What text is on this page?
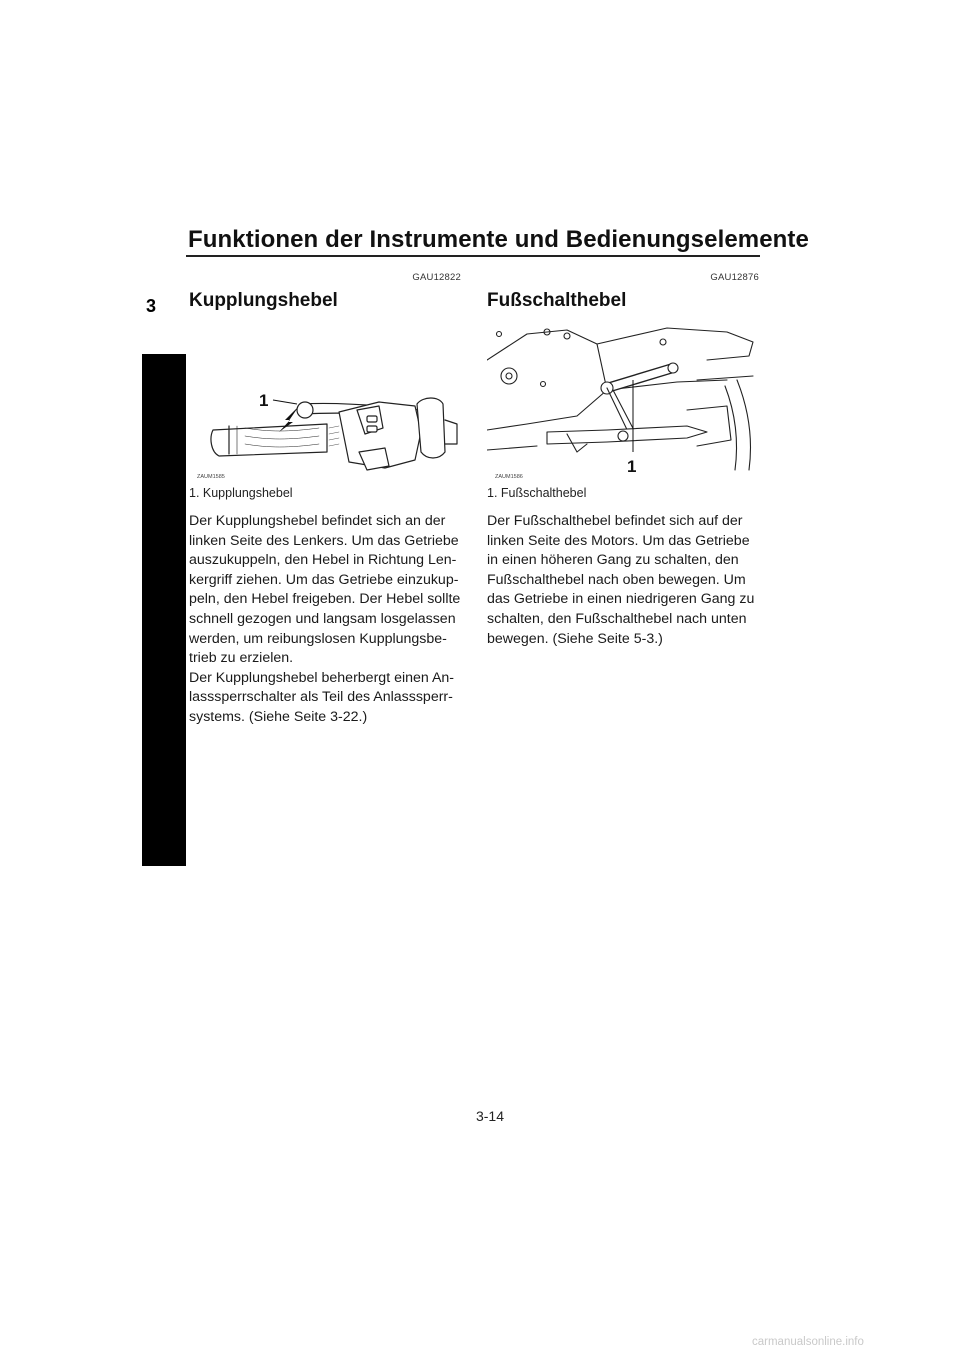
Funktionen der Instrumente und Bedienungselemente
3
GAU12822
Kupplungshebel
1
ZAUM1585
1. Kupplungshebel

Der Kupplungshebel befindet sich an der linken Seite des Lenkers. Um das Getriebe auszukuppeln, den Hebel in Richtung Len-kergriff ziehen. Um das Getriebe einzukup-peln, den Hebel freigeben. Der Hebel sollte schnell gezogen und langsam losgelassen werden, um reibungslosen Kupplungsbe-trieb zu erzielen.

Der Kupplungshebel beherbergt einen An-lasssperrschalter als Teil des Anlasssperr-systems. (Siehe Seite 3-22.)

GAU12876
Fußschalthebel
1
ZAUM1586
1. Fußschalthebel

Der Fußschalthebel befindet sich auf der linken Seite des Motors. Um das Getriebe in einen höheren Gang zu schalten, den Fußschalthebel nach oben bewegen. Um das Getriebe in einen niedrigeren Gang zu schalten, den Fußschalthebel nach unten bewegen. (Siehe Seite 5-3.)

3-14
carmanualsonline.info
